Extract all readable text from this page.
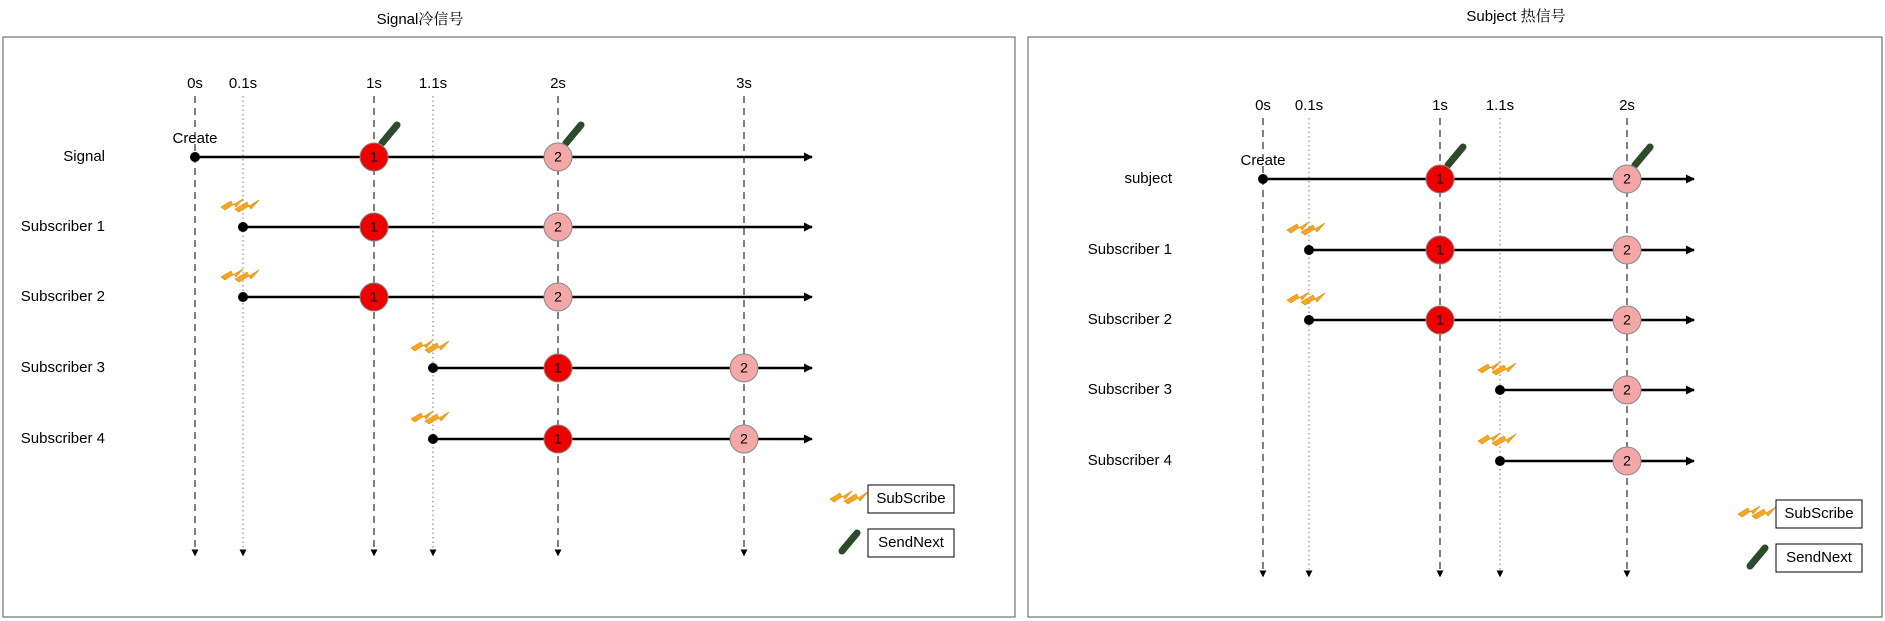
Signal冷信号	Subject 热信号
0s 0.1s	1s 1.1s	2s	3s
Create
Signal	1	2
Subscriber 1	1	2
Subscriber 2	1	2
Subscriber 3	1	2
Subscriber 4	1	2
SubScribe
SendNext
0s 0.1s	1s	1.1s	2s
Create
subject	1	2
Subscriber 1	1	2
Subscriber 2	1	2
Subscriber 3	2
Subscriber 4	2
SubScribe
SendNext
